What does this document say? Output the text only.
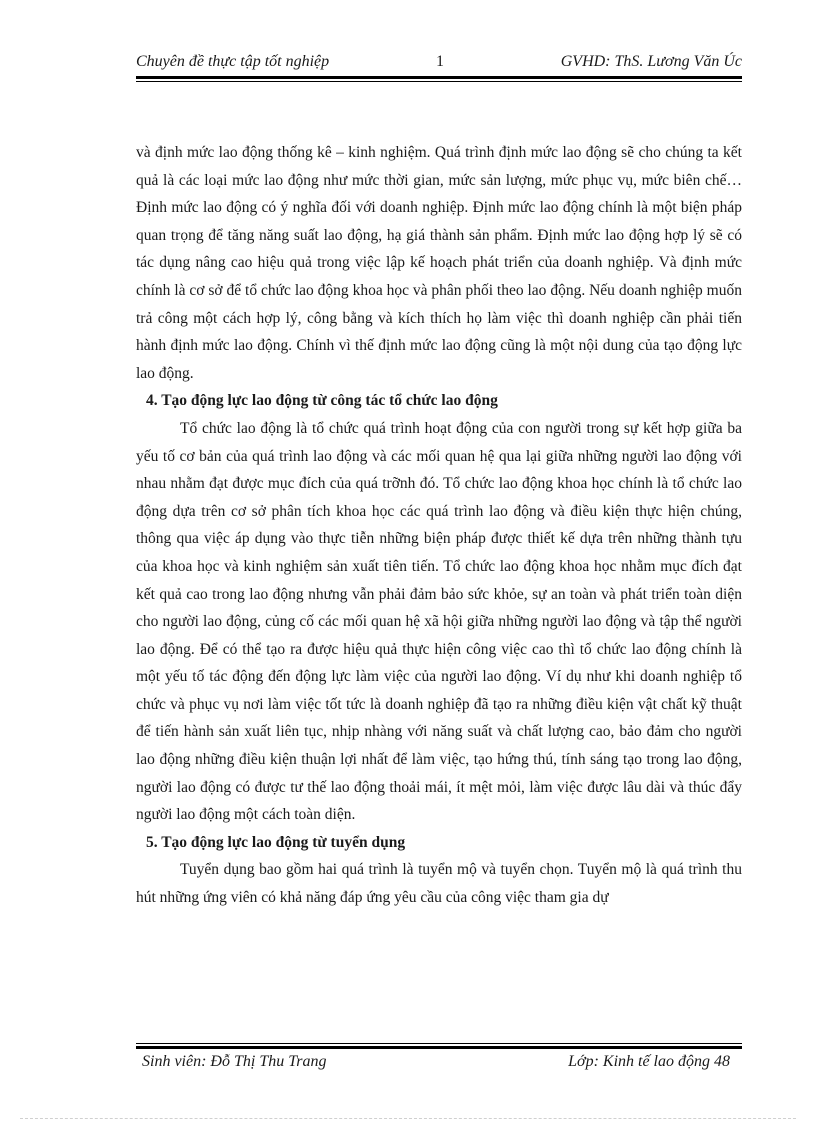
Chuyên đề thực tập tốt nghiệp	1	GVHD: ThS. Lương Văn Úc

và định mức lao động thống kê – kinh nghiệm. Quá trình định mức lao động sẽ cho chúng ta kết quả là các loại mức lao động như mức thời gian, mức sản lượng, mức phục vụ, mức biên chế…Định mức lao động có ý nghĩa đối với doanh nghiệp. Định mức lao động chính là một biện pháp quan trọng để tăng năng suất lao động, hạ giá thành sản phẩm. Định mức lao động hợp lý sẽ có tác dụng nâng cao hiệu quả trong việc lập kế hoạch phát triển của doanh nghiệp. Và định mức chính là cơ sở để tổ chức lao động khoa học và phân phối theo lao động. Nếu doanh nghiệp muốn trả công một cách hợp lý, công bằng và kích thích họ làm việc thì doanh nghiệp cần phải tiến hành định mức lao động. Chính vì thế định mức lao động cũng là một nội dung của tạo động lực lao động.

4. Tạo động lực lao động từ công tác tổ chức lao động

Tổ chức lao động là tổ chức quá trình hoạt động của con người trong sự kết hợp giữa ba yếu tố cơ bản của quá trình lao động và các mối quan hệ qua lại giữa những người lao động với nhau nhằm đạt được mục đích của quá trỡnh đó. Tổ chức lao động khoa học chính là tổ chức lao động dựa trên cơ sở phân tích khoa học các quá trình lao động và điều kiện thực hiện chúng, thông qua việc áp dụng vào thực tiễn những biện pháp được thiết kế dựa trên những thành tựu của khoa học và kinh nghiệm sản xuất tiên tiến. Tổ chức lao động khoa học nhằm mục đích đạt kết quả cao trong lao động nhưng vẫn phải đảm bảo sức khỏe, sự an toàn và phát triển toàn diện cho người lao động, củng cố các mối quan hệ xã hội giữa những người lao động và tập thể người lao động. Để có thể tạo ra được hiệu quả thực hiện công việc cao thì tổ chức lao động chính là một yếu tố tác động đến động lực làm việc của người lao động. Ví dụ như khi doanh nghiệp tổ chức và phục vụ nơi làm việc tốt tức là doanh nghiệp đã tạo ra những điều kiện vật chất kỹ thuật để tiến hành sản xuất liên tục, nhịp nhàng với năng suất và chất lượng cao, bảo đảm cho người lao động những điều kiện thuận lợi nhất để làm việc, tạo hứng thú, tính sáng tạo trong lao động, người lao động có được tư thế lao động thoải mái, ít mệt mỏi, làm việc được lâu dài và thúc đẩy người lao động một cách toàn diện.

5. Tạo động lực lao động từ tuyển dụng

Tuyển dụng bao gồm hai quá trình là tuyển mộ và tuyển chọn. Tuyển mộ là quá trình thu hút những ứng viên có khả năng đáp ứng yêu cầu của công việc tham gia dự

Sinh viên: Đỗ Thị Thu Trang	Lớp: Kinh tế lao động 48
